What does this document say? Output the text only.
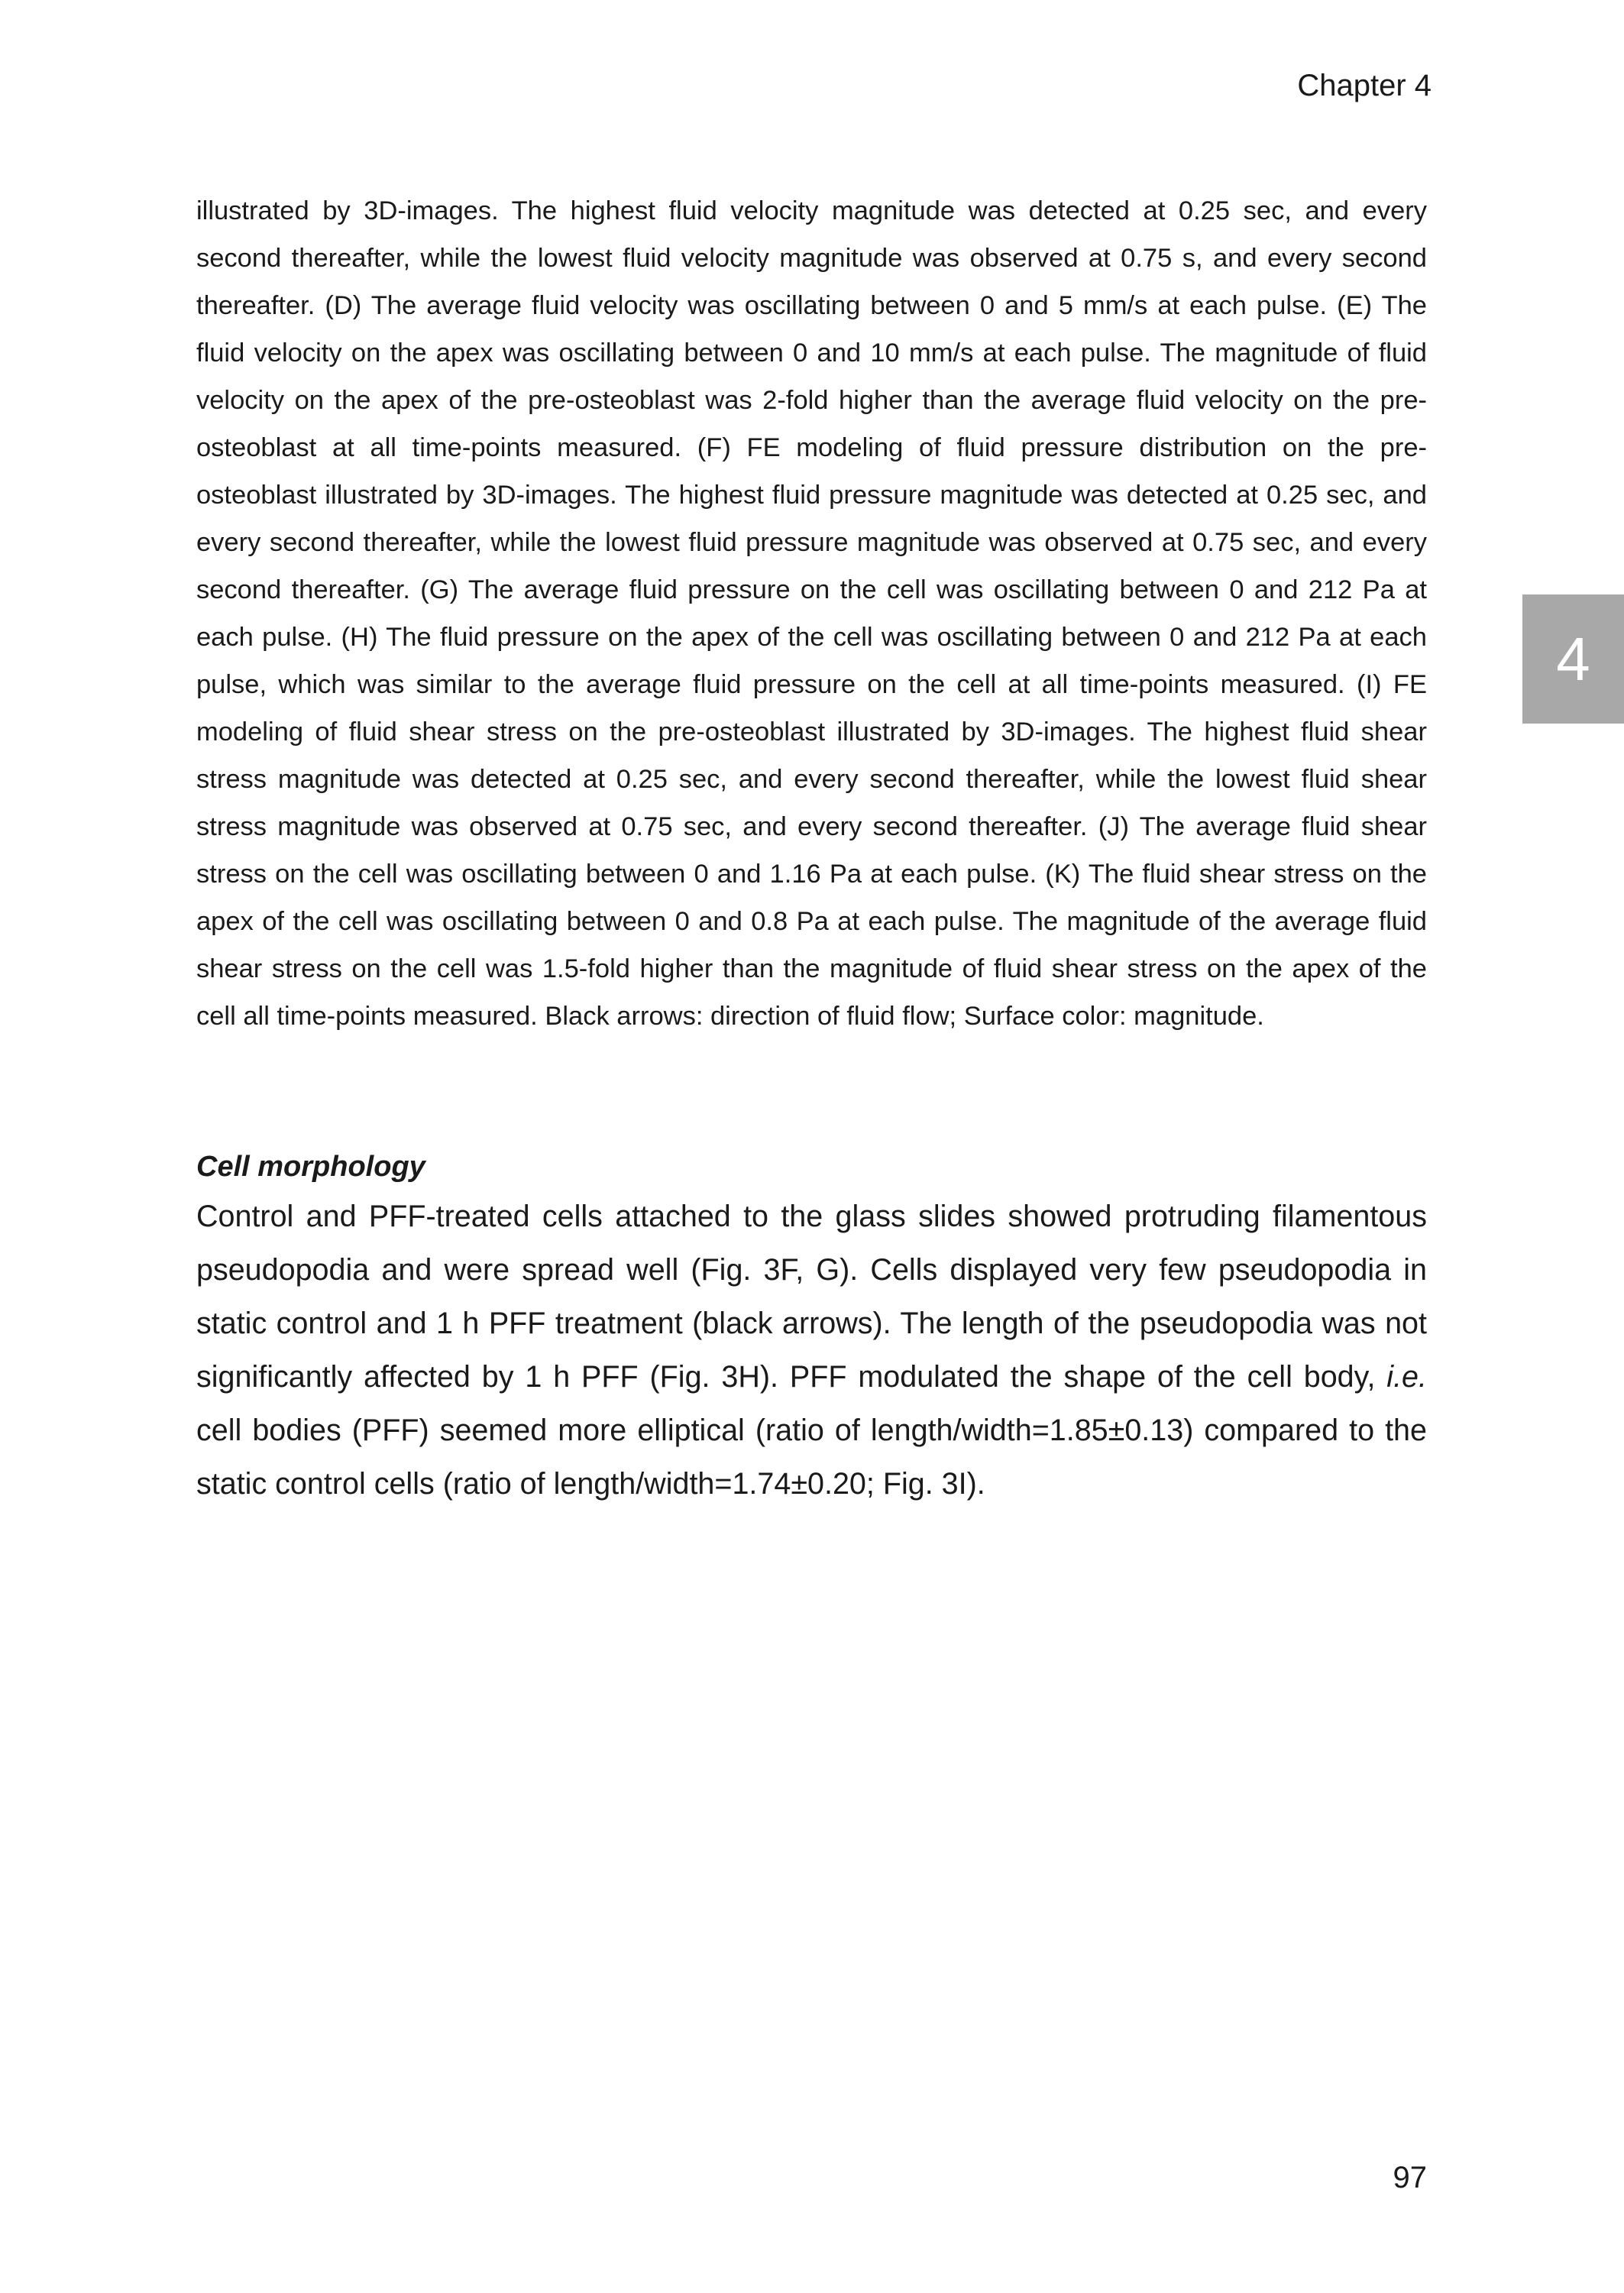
Chapter 4

4

illustrated by 3D-images. The highest fluid velocity magnitude was detected at 0.25 sec, and every second thereafter, while the lowest fluid velocity magnitude was observed at 0.75 s, and every second thereafter. (D) The average fluid velocity was oscillating between 0 and 5 mm/s at each pulse. (E) The fluid velocity on the apex was oscillating between 0 and 10 mm/s at each pulse. The magnitude of fluid velocity on the apex of the pre-osteoblast was 2-fold higher than the average fluid velocity on the pre-osteoblast at all time-points measured. (F) FE modeling of fluid pressure distribution on the pre-osteoblast illustrated by 3D-images. The highest fluid pressure magnitude was detected at 0.25 sec, and every second thereafter, while the lowest fluid pressure magnitude was observed at 0.75 sec, and every second thereafter. (G) The average fluid pressure on the cell was oscillating between 0 and 212 Pa at each pulse. (H) The fluid pressure on the apex of the cell was oscillating between 0 and 212 Pa at each pulse, which was similar to the average fluid pressure on the cell at all time-points measured. (I) FE modeling of fluid shear stress on the pre-osteoblast illustrated by 3D-images. The highest fluid shear stress magnitude was detected at 0.25 sec, and every second thereafter, while the lowest fluid shear stress magnitude was observed at 0.75 sec, and every second thereafter. (J) The average fluid shear stress on the cell was oscillating between 0 and 1.16 Pa at each pulse. (K) The fluid shear stress on the apex of the cell was oscillating between 0 and 0.8 Pa at each pulse. The magnitude of the average fluid shear stress on the cell was 1.5-fold higher than the magnitude of fluid shear stress on the apex of the cell all time-points measured. Black arrows: direction of fluid flow; Surface color: magnitude.

Cell morphology

Control and PFF-treated cells attached to the glass slides showed protruding filamentous pseudopodia and were spread well (Fig. 3F, G). Cells displayed very few pseudopodia in static control and 1 h PFF treatment (black arrows). The length of the pseudopodia was not significantly affected by 1 h PFF (Fig. 3H). PFF modulated the shape of the cell body, i.e. cell bodies (PFF) seemed more elliptical (ratio of length/width=1.85±0.13) compared to the static control cells (ratio of length/width=1.74±0.20; Fig. 3I).

97
